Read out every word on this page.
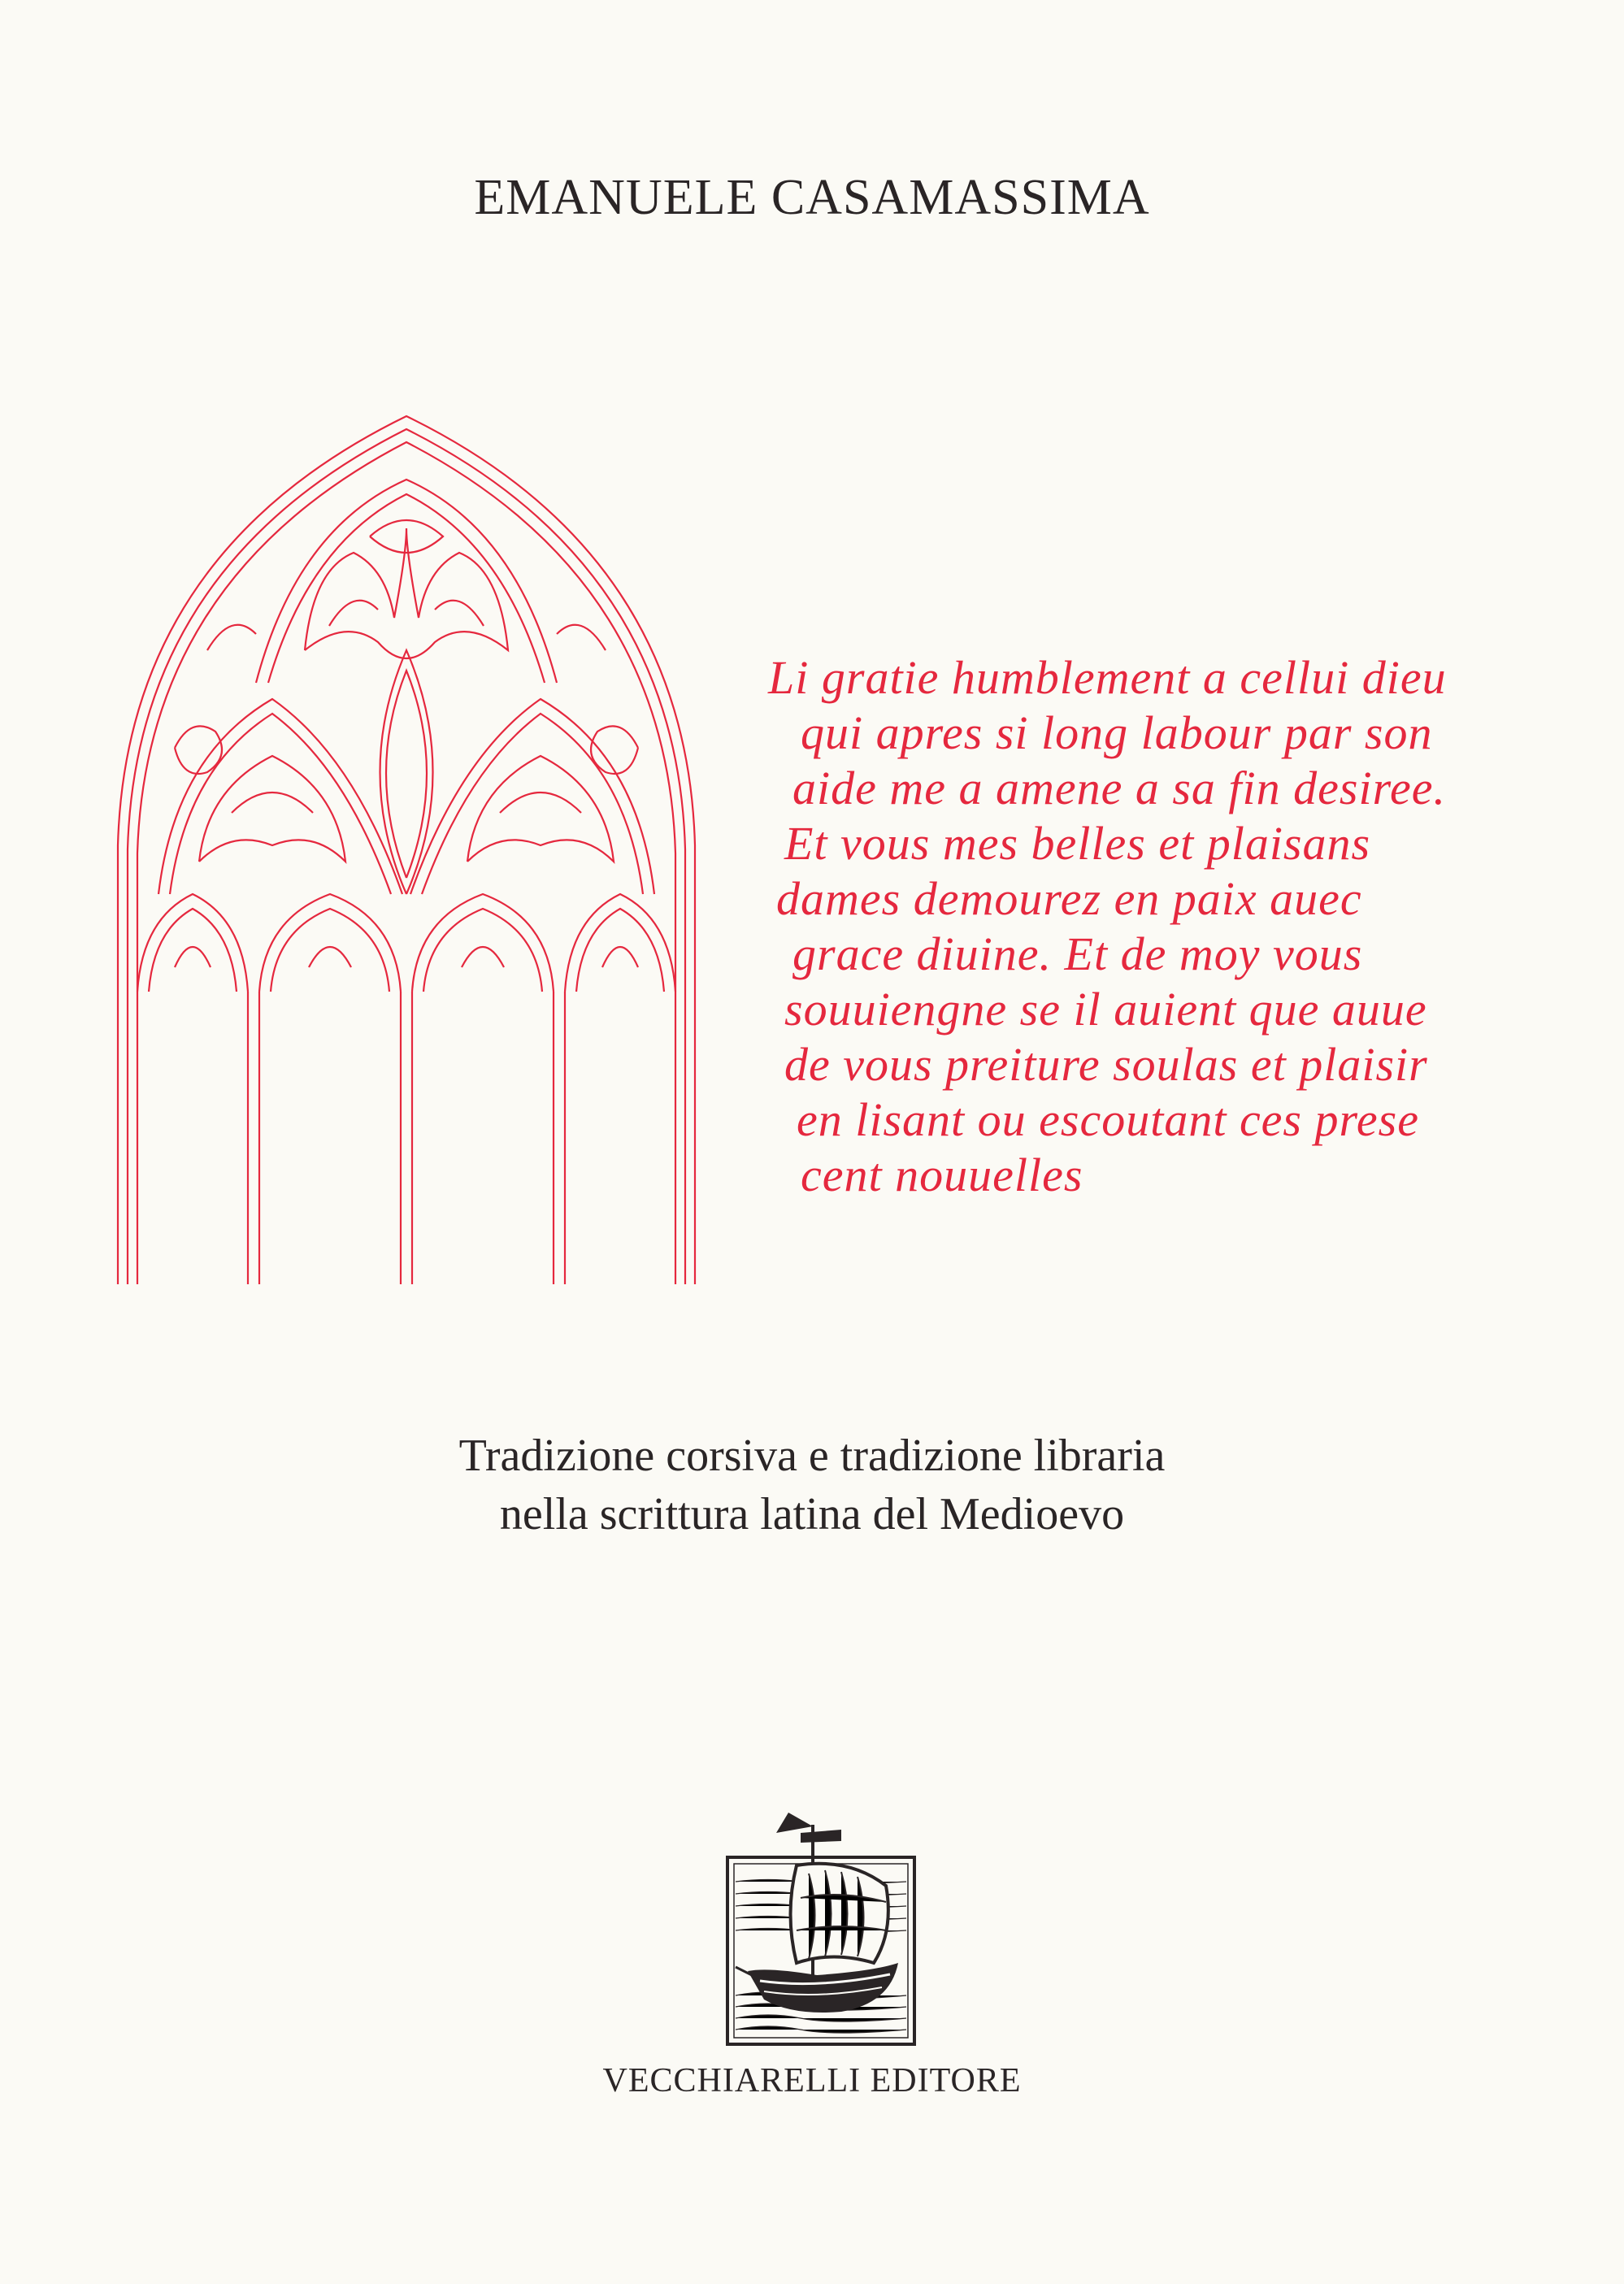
EMANUELE CASAMASSIMA
Li gratie humblement a cellui dieu
qui apres si long labour par son
aide me a amene a sa fin desiree.
Et vous mes belles et plaisans
dames demourez en paix auec
grace diuine. Et de moy vous
souuiengne se il auient que auue
de vous preiture soulas et plaisir
en lisant ou escoutant ces prese
cent nouuelles
Tradizione corsiva e tradizione libraria
nella scrittura latina del Medioevo
VECCHIARELLI EDITORE
